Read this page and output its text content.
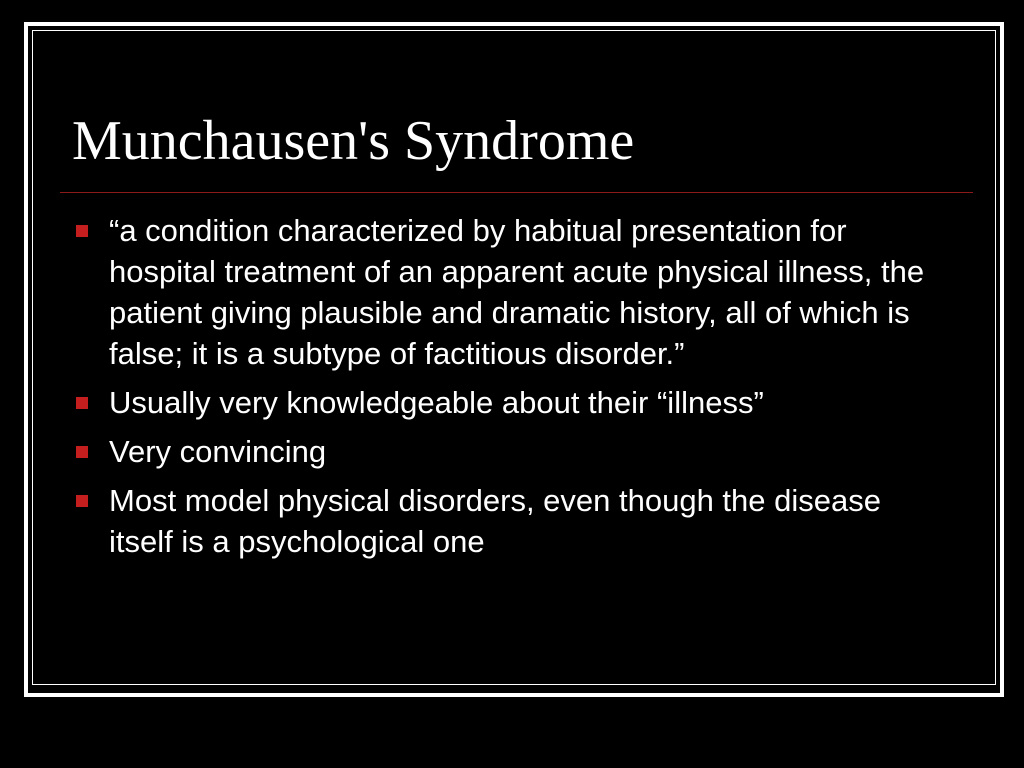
Munchausen's Syndrome
“a condition characterized by habitual presentation for hospital treatment of an apparent acute physical illness, the patient giving plausible and dramatic history, all of which is false; it is a subtype of factitious disorder.”
Usually very knowledgeable about their “illness”
Very convincing
Most model physical disorders, even though the disease itself is a psychological one
